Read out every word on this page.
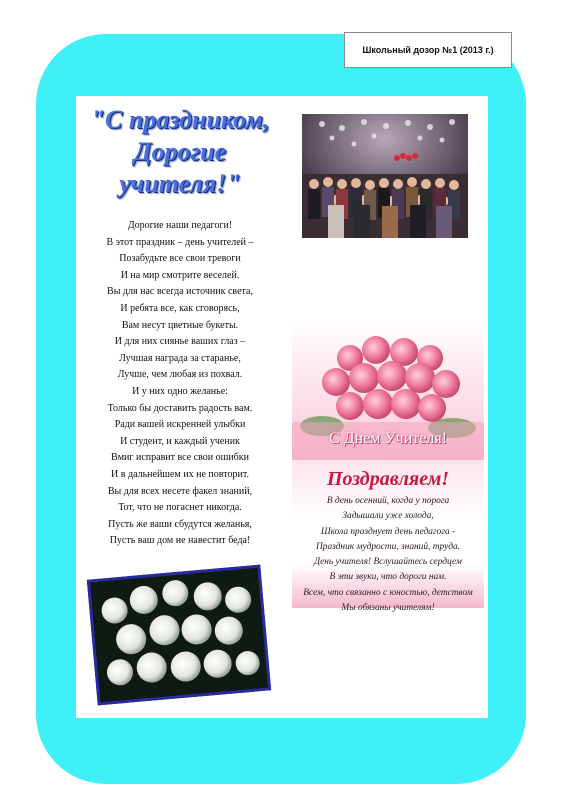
Школьный дозор №1 (2013 г.)
"С праздником,
Дорогие
учителя!"
Дорогие наши педагоги!
В этот праздник – день учителей –
Позабудьте все свои тревоги
И на мир смотрите веселей.
Вы для нас всегда источник света,
И ребята все, как сговорясь,
Вам несут цветные букеты.
И для них сиянье ваших глаз –
Лучшая награда за старанье,
Лучше, чем любая из похвал.
И у них одно желанье:
Только бы доставить радость вам.
Ради вашей искренней улыбки
И студент, и каждый ученик
Вмиг исправит все свои ошибки
И в дальнейшем их не повторит.
Вы для всех несете факел знаний,
Тот, что не погаснет никогда.
Пусть же ваши сбудутся желанья,
Пусть ваш дом не навестит беда!
С Днем Учителя!
Поздравляем!
В день осенний, когда у порога
Задышали уже холода,
Школа празднует день педагога -
Праздник мудрости, знаний, труда.
День учителя! Вслушайтесь сердцем
В эти звуки, что дороги нам.
Всем, что связанно с юностью, детством
Мы обязаны учителям!
